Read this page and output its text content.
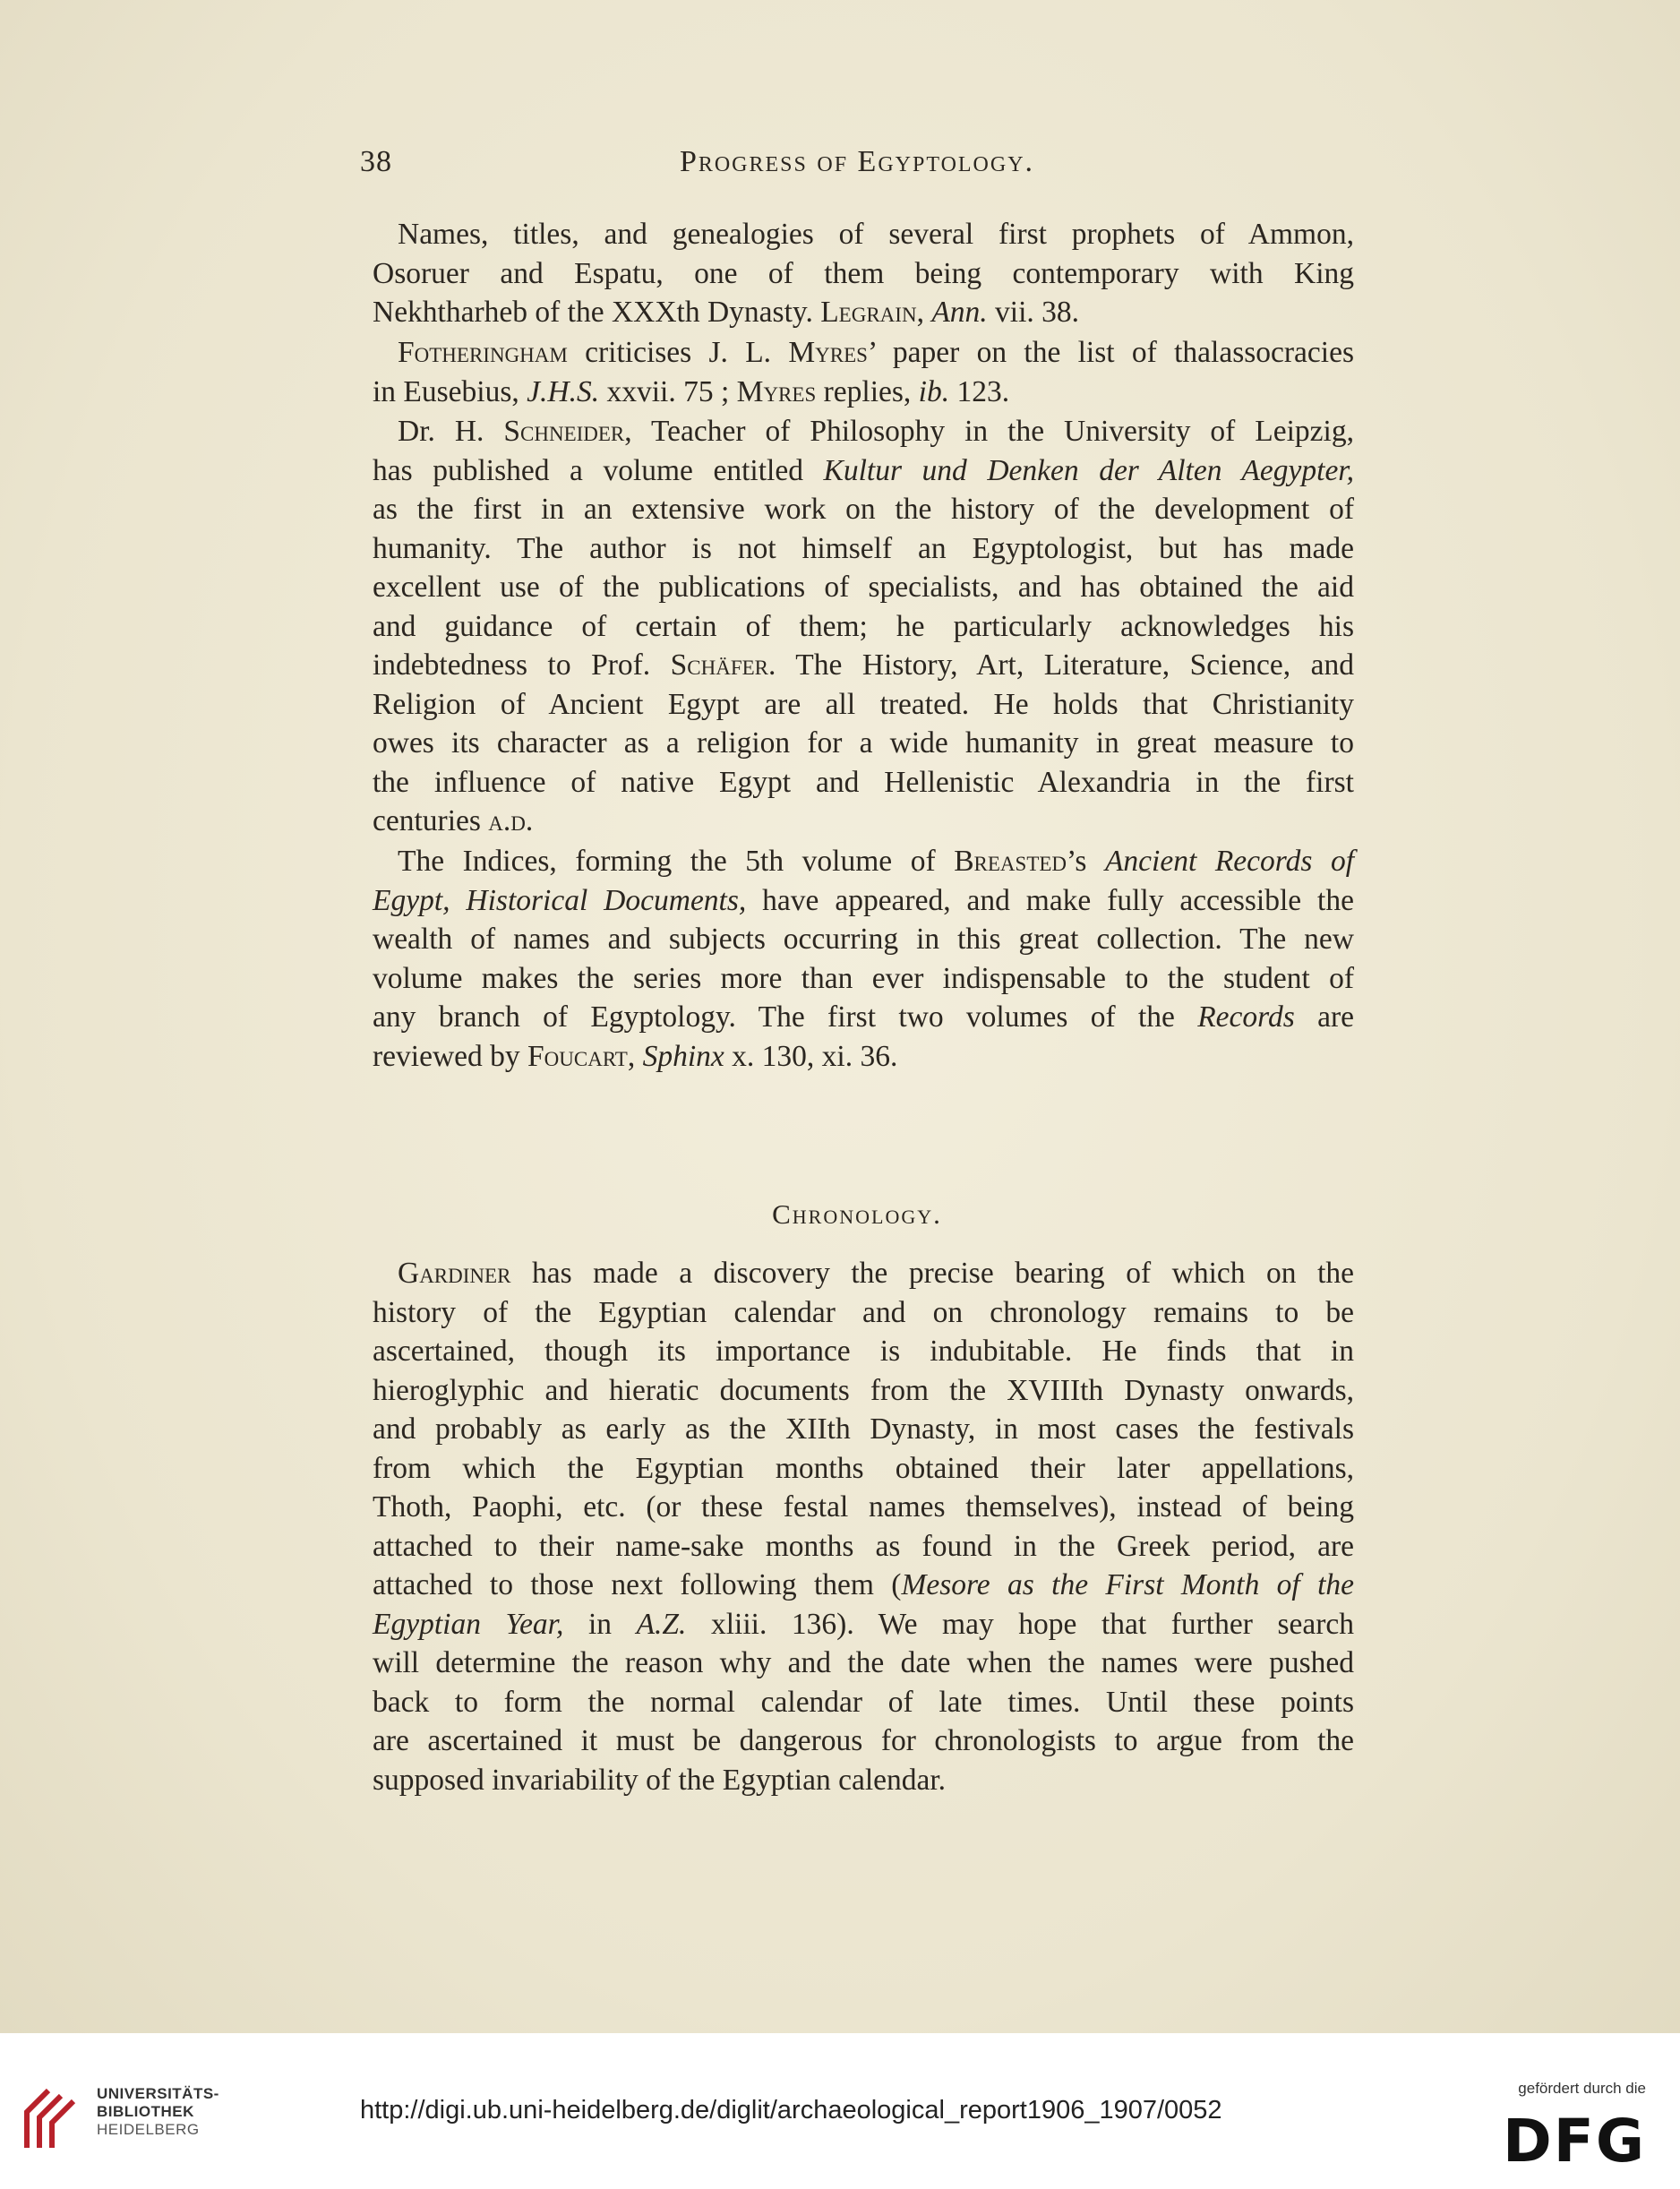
38	Progress of Egyptology.
Names, titles, and genealogies of several first prophets of Ammon,
Osoruer and Espatu, one of them being contemporary with King
Nekhtharheb of the XXXth Dynasty. Legrain, Ann. vii. 38.
Fotheringham criticises J. L. Myres’ paper on the list of thalassocracies
in Eusebius, J.H.S. xxvii. 75 ; Myres replies, ib. 123.
Dr. H. Schneider, Teacher of Philosophy in the University of Leipzig,
has published a volume entitled Kultur und Denken der Alten Aegypter,
as the first in an extensive work on the history of the development of
humanity. The author is not himself an Egyptologist, but has made
excellent use of the publications of specialists, and has obtained the aid
and guidance of certain of them; he particularly acknowledges his
indebtedness to Prof. Schäfer. The History, Art, Literature, Science, and
Religion of Ancient Egypt are all treated. He holds that Christianity
owes its character as a religion for a wide humanity in great measure to
the influence of native Egypt and Hellenistic Alexandria in the first
centuries a.d.
The Indices, forming the 5th volume of Breasted’s Ancient Records of
Egypt, Historical Documents, have appeared, and make fully accessible the
wealth of names and subjects occurring in this great collection. The new
volume makes the series more than ever indispensable to the student of
any branch of Egyptology. The first two volumes of the Records are
reviewed by Foucart, Sphinx x. 130, xi. 36.
Gardiner has made a discovery the precise bearing of which on the
history of the Egyptian calendar and on chronology remains to be
ascertained, though its importance is indubitable. He finds that in
hieroglyphic and hieratic documents from the XVIIIth Dynasty onwards,
and probably as early as the XIIth Dynasty, in most cases the festivals
from which the Egyptian months obtained their later appellations,
Thoth, Paophi, etc. (or these festal names themselves), instead of being
attached to their name-sake months as found in the Greek period, are
attached to those next following them (Mesore as the First Month of the
Egyptian Year, in A.Z. xliii. 136). We may hope that further search
will determine the reason why and the date when the names were pushed
back to form the normal calendar of late times. Until these points
are ascertained it must be dangerous for chronologists to argue from the
supposed invariability of the Egyptian calendar.
Chronology.
UNIVERSITÄTS-
BIBLIOTHEK
HEIDELBERG
http://digi.ub.uni-heidelberg.de/diglit/archaeological_report1906_1907/0052
gefördert durch die
DFG
